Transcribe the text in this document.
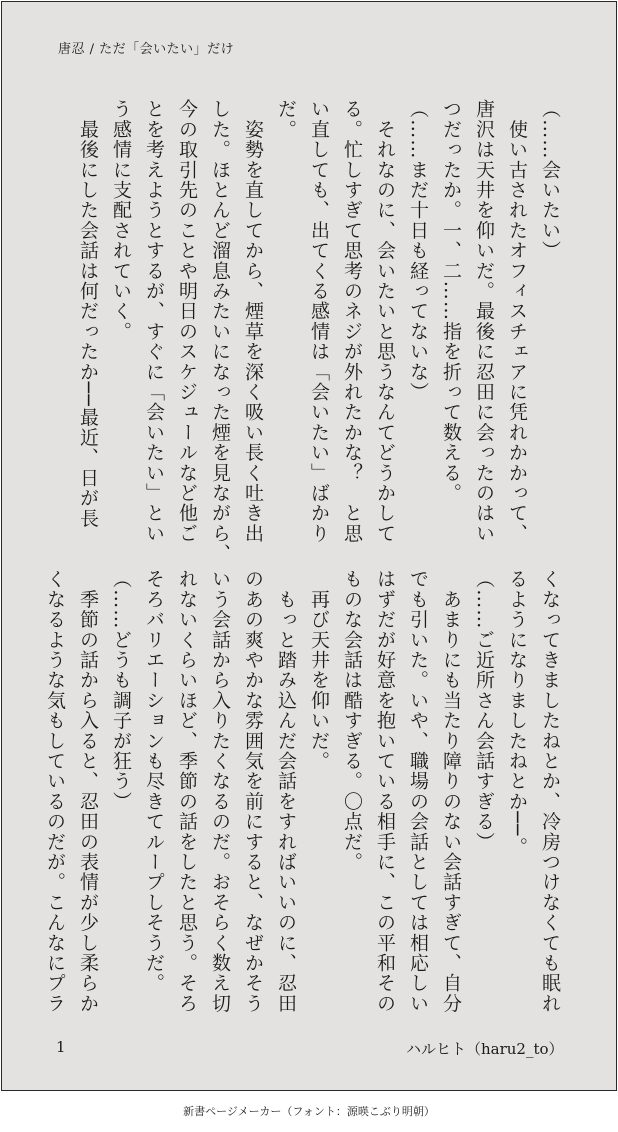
唐忍 / ただ「会いたい」だけ
（……会いたい）
　使い古されたオフィスチェアに凭れかかって、
唐沢は天井を仰いだ。最後に忍田に会ったのはい
つだったか。一、二……指を折って数える。
（……まだ十日も経ってないな）
　それなのに、会いたいと思うなんてどうかして
る。忙しすぎて思考のネジが外れたかな？　と思
い直しても、出てくる感情は「会いたい」ばかり
だ。
　姿勢を直してから、煙草を深く吸い長く吐き出
した。ほとんど溜息みたいになった煙を見ながら、
今の取引先のことや明日のスケジュールなど他ご
とを考えようとするが、すぐに「会いたい」とい
う感情に支配されていく。
　最後にした会話は何だったか──最近、日が長
くなってきましたねとか、冷房つけなくても眠れ
るようになりましたねとか──。
（……ご近所さん会話すぎる）
　あまりにも当たり障りのない会話すぎて、自分
でも引いた。いや、職場の会話としては相応しい
はずだが好意を抱いている相手に、この平和その
ものな会話は酷すぎる。〇点だ。
　再び天井を仰いだ。
　もっと踏み込んだ会話をすればいいのに、忍田
のあの爽やかな雰囲気を前にすると、なぜかそう
いう会話から入りたくなるのだ。おそらく数え切
れないくらいほど、季節の話をしたと思う。そろ
そろバリエーションも尽きてループしそうだ。
（……どうも調子が狂う）
　季節の話から入ると、忍田の表情が少し柔らか
くなるような気もしているのだが。こんなにプラ
1	ハルヒト（haru2_to）
新書ページメーカー（フォント：源暎こぶり明朝）
